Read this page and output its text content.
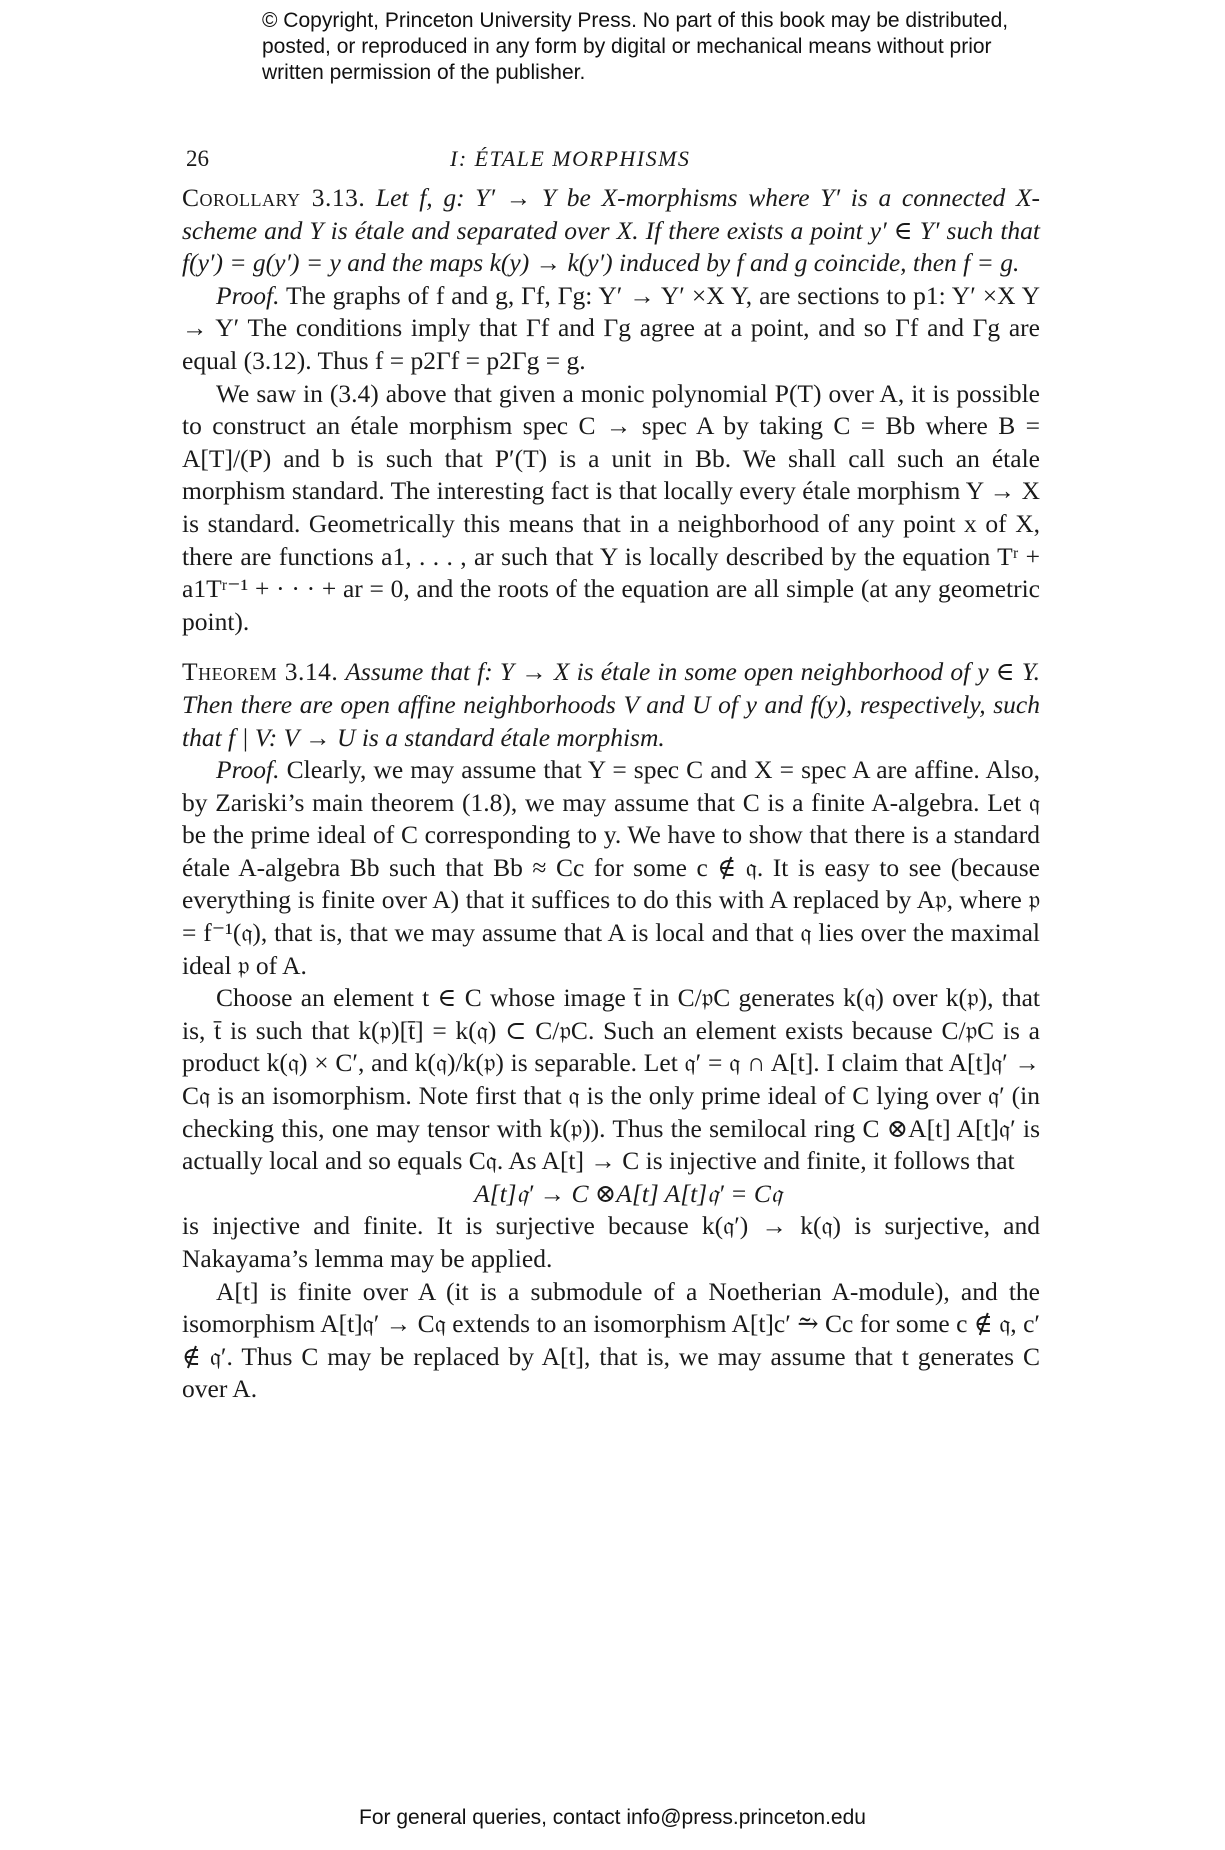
© Copyright, Princeton University Press. No part of this book may be distributed, posted, or reproduced in any form by digital or mechanical means without prior written permission of the publisher.
26	I: ÉTALE MORPHISMS

Corollary 3.13. Let f, g: Y′ → Y be X-morphisms where Y′ is a connected X-scheme and Y is étale and separated over X. If there exists a point y′ ∈ Y′ such that f(y′) = g(y′) = y and the maps k(y) → k(y′) induced by f and g coincide, then f = g.

Proof. The graphs of f and g, Γf, Γg: Y′ → Y′ ×X Y, are sections to p1: Y′ ×X Y → Y′ The conditions imply that Γf and Γg agree at a point, and so Γf and Γg are equal (3.12). Thus f = p2Γf = p2Γg = g.

We saw in (3.4) above that given a monic polynomial P(T) over A, it is possible to construct an étale morphism spec C → spec A by taking C = Bb where B = A[T]/(P) and b is such that P′(T) is a unit in Bb. We shall call such an étale morphism standard. The interesting fact is that locally every étale morphism Y → X is standard. Geometrically this means that in a neighborhood of any point x of X, there are functions a1, . . . , ar such that Y is locally described by the equation Tʳ + a1Tʳ⁻¹ + · · · + ar = 0, and the roots of the equation are all simple (at any geometric point).

Theorem 3.14. Assume that f: Y → X is étale in some open neighborhood of y ∈ Y. Then there are open affine neighborhoods V and U of y and f(y), respectively, such that f | V: V → U is a standard étale morphism.

Proof. Clearly, we may assume that Y = spec C and X = spec A are affine. Also, by Zariski’s main theorem (1.8), we may assume that C is a finite A-algebra. Let 𝔮 be the prime ideal of C corresponding to y. We have to show that there is a standard étale A-algebra Bb such that Bb ≈ Cc for some c ∉ 𝔮. It is easy to see (because everything is finite over A) that it suffices to do this with A replaced by A𝔭, where 𝔭 = f⁻¹(𝔮), that is, that we may assume that A is local and that 𝔮 lies over the maximal ideal 𝔭 of A.

Choose an element t ∈ C whose image t̄ in C/𝔭C generates k(𝔮) over k(𝔭), that is, t̄ is such that k(𝔭)[t̄] = k(𝔮) ⊂ C/𝔭C. Such an element exists because C/𝔭C is a product k(𝔮) × C′, and k(𝔮)/k(𝔭) is separable. Let 𝔮′ = 𝔮 ∩ A[t]. I claim that A[t]𝔮′ → C𝔮 is an isomorphism. Note first that 𝔮 is the only prime ideal of C lying over 𝔮′ (in checking this, one may tensor with k(𝔭)). Thus the semilocal ring C ⊗A[t] A[t]𝔮′ is actually local and so equals C𝔮. As A[t] → C is injective and finite, it follows that

A[t]𝔮′ → C ⊗A[t] A[t]𝔮′ = C𝔮

is injective and finite. It is surjective because k(𝔮′) → k(𝔮) is surjective, and Nakayama’s lemma may be applied.

A[t] is finite over A (it is a submodule of a Noetherian A-module), and the isomorphism A[t]𝔮′ → C𝔮 extends to an isomorphism A[t]c′ ⥲ Cc for some c ∉ 𝔮, c′ ∉ 𝔮′. Thus C may be replaced by A[t], that is, we may assume that t generates C over A.

For general queries, contact info@press.princeton.edu
